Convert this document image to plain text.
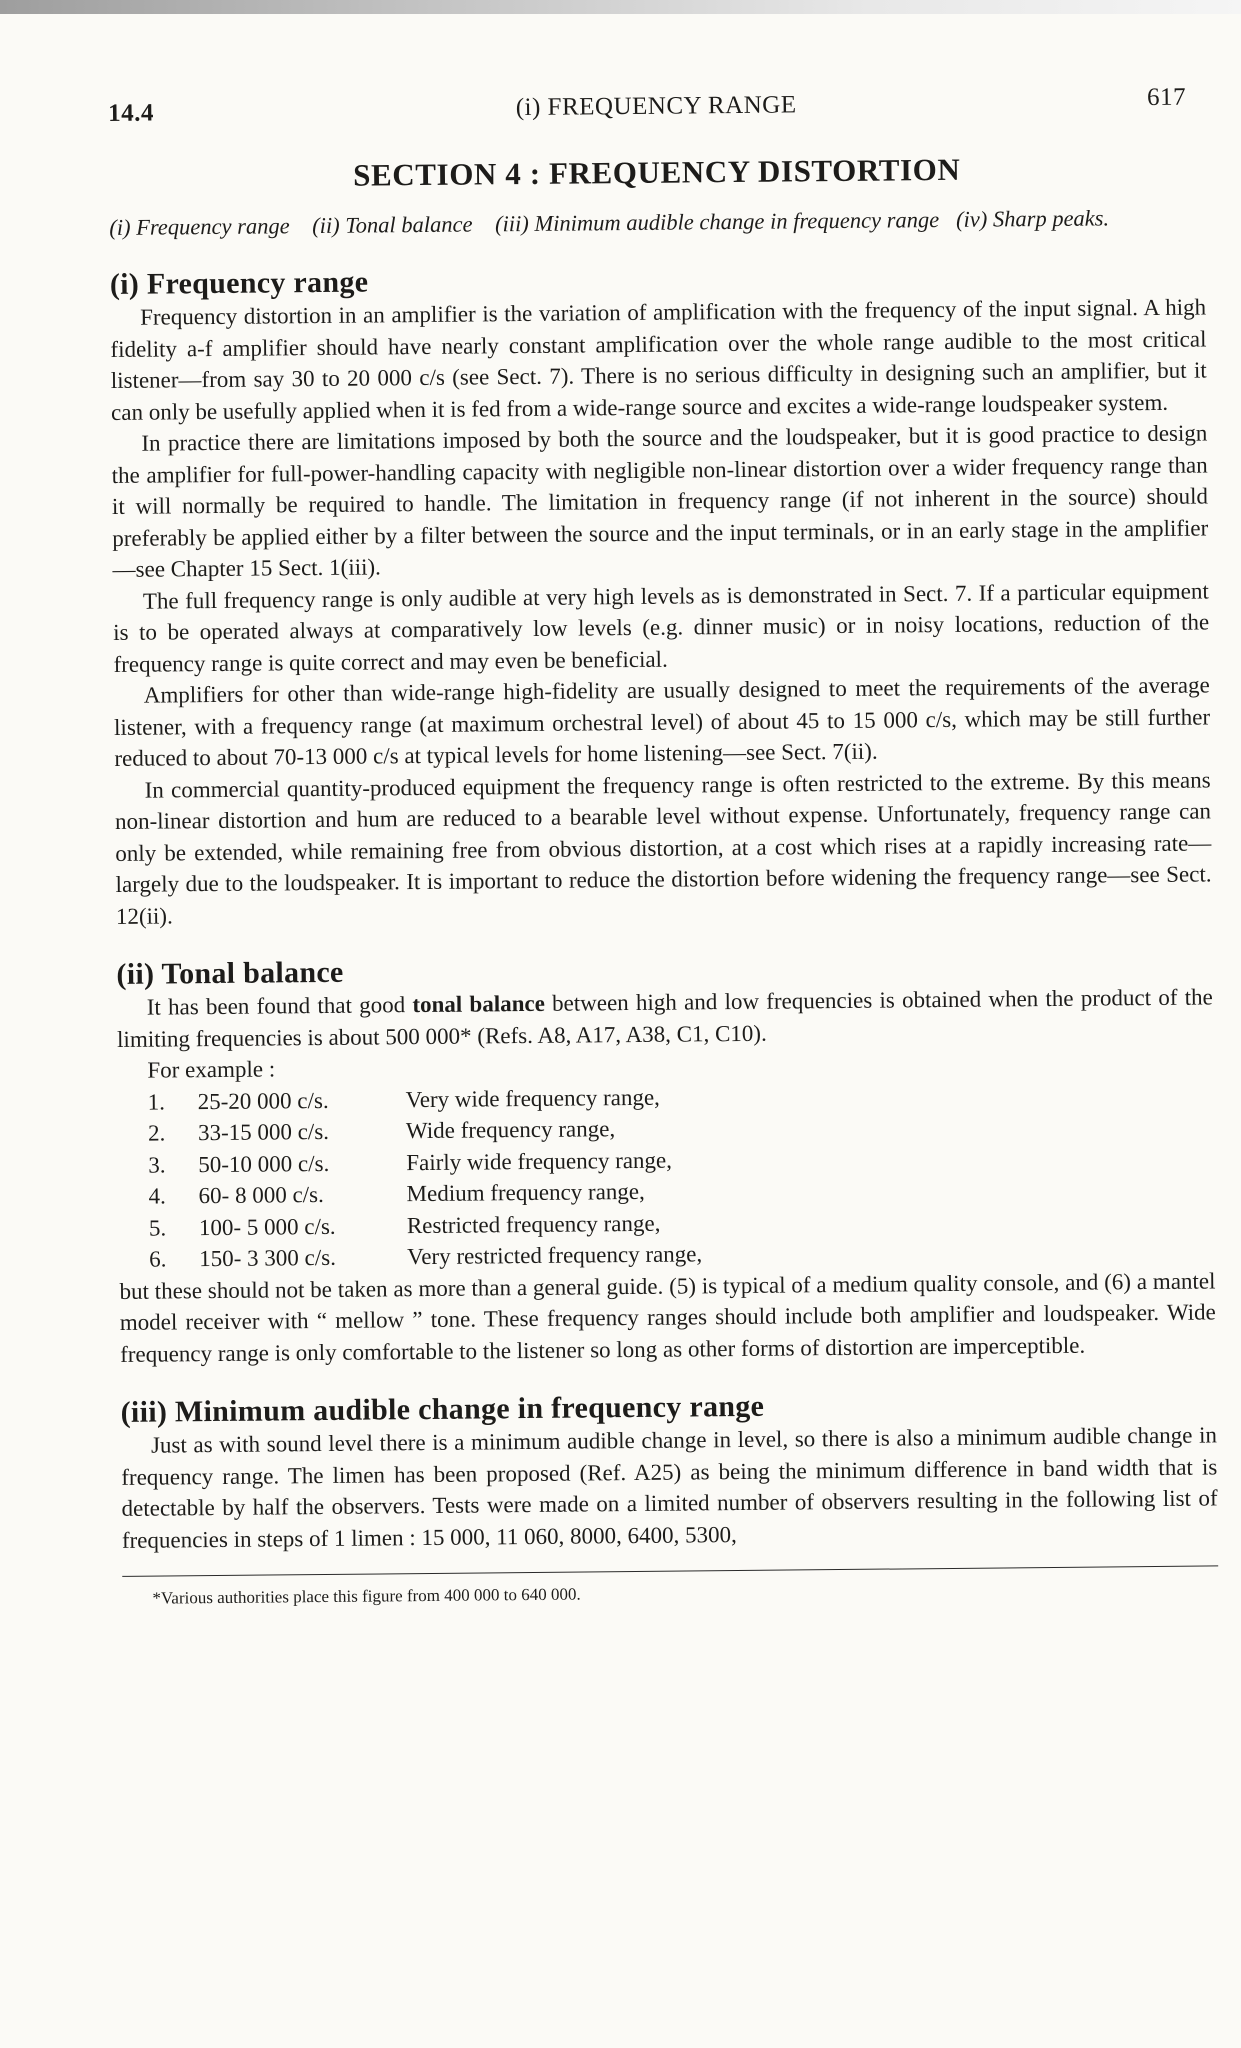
14.4	(i) FREQUENCY RANGE	617
SECTION 4 : FREQUENCY DISTORTION
(i) Frequency range (ii) Tonal balance (iii) Minimum audible change in frequency range (iv) Sharp peaks.
(i) Frequency range

Frequency distortion in an amplifier is the variation of amplification with the frequency of the input signal. A high fidelity a-f amplifier should have nearly constant amplification over the whole range audible to the most critical listener—from say 30 to 20 000 c/s (see Sect. 7). There is no serious difficulty in designing such an amplifier, but it can only be usefully applied when it is fed from a wide-range source and excites a wide-range loudspeaker system.

In practice there are limitations imposed by both the source and the loudspeaker, but it is good practice to design the amplifier for full-power-handling capacity with negligible non-linear distortion over a wider frequency range than it will normally be required to handle. The limitation in frequency range (if not inherent in the source) should preferably be applied either by a filter between the source and the input terminals, or in an early stage in the amplifier—see Chapter 15 Sect. 1(iii).

The full frequency range is only audible at very high levels as is demonstrated in Sect. 7. If a particular equipment is to be operated always at comparatively low levels (e.g. dinner music) or in noisy locations, reduction of the frequency range is quite correct and may even be beneficial.

Amplifiers for other than wide-range high-fidelity are usually designed to meet the requirements of the average listener, with a frequency range (at maximum orchestral level) of about 45 to 15 000 c/s, which may be still further reduced to about 70-13 000 c/s at typical levels for home listening—see Sect. 7(ii).

In commercial quantity-produced equipment the frequency range is often restricted to the extreme. By this means non-linear distortion and hum are reduced to a bearable level without expense. Unfortunately, frequency range can only be extended, while remaining free from obvious distortion, at a cost which rises at a rapidly increasing rate—largely due to the loudspeaker. It is important to reduce the distortion before widening the frequency range—see Sect. 12(ii).

(ii) Tonal balance

It has been found that good tonal balance between high and low frequencies is obtained when the product of the limiting frequencies is about 500 000* (Refs. A8, A17, A38, C1, C10).

For example :
1.	25-20 000 c/s.	Very wide frequency range,
2.	33-15 000 c/s.	Wide frequency range,
3.	50-10 000 c/s.	Fairly wide frequency range,
4.	60- 8 000 c/s.	Medium frequency range,
5.	100- 5 000 c/s.	Restricted frequency range,
6.	150- 3 300 c/s.	Very restricted frequency range,

but these should not be taken as more than a general guide. (5) is typical of a medium quality console, and (6) a mantel model receiver with “ mellow ” tone. These frequency ranges should include both amplifier and loudspeaker. Wide frequency range is only comfortable to the listener so long as other forms of distortion are imperceptible.

(iii) Minimum audible change in frequency range

Just as with sound level there is a minimum audible change in level, so there is also a minimum audible change in frequency range. The limen has been proposed (Ref. A25) as being the minimum difference in band width that is detectable by half the observers. Tests were made on a limited number of observers resulting in the following list of frequencies in steps of 1 limen : 15 000, 11 060, 8000, 6400, 5300,

*Various authorities place this figure from 400 000 to 640 000.
